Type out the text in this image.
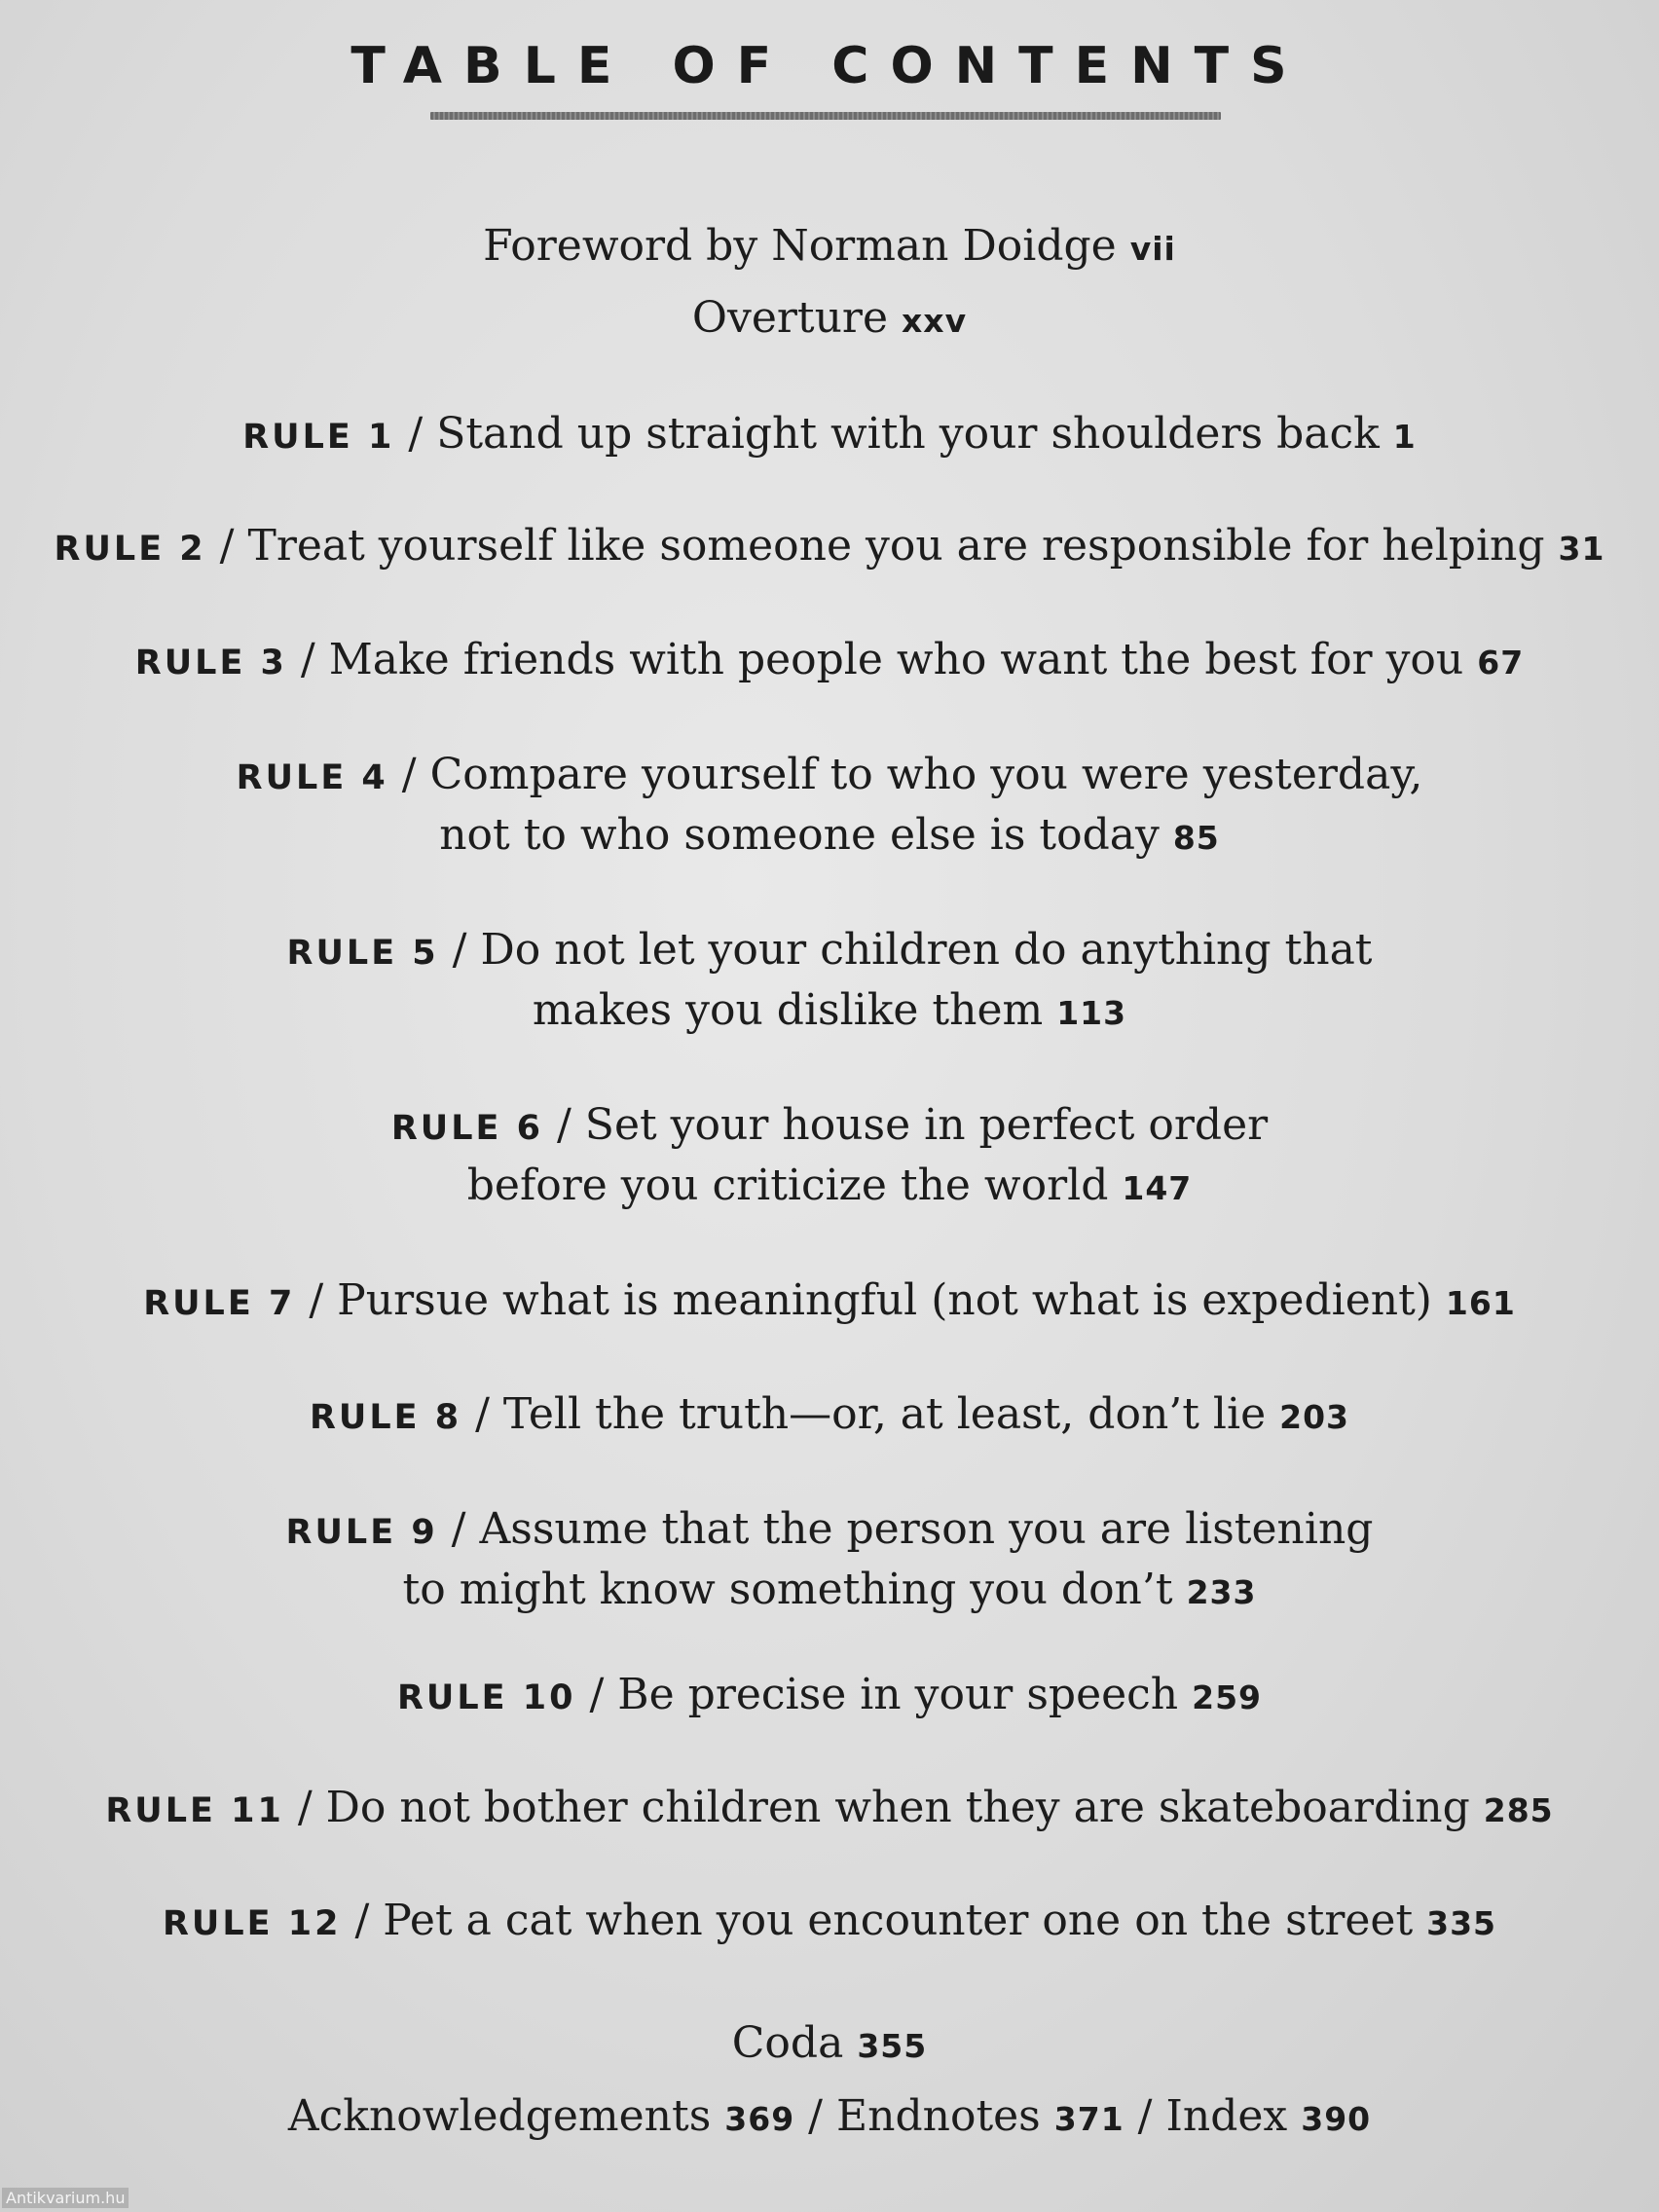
TABLE OF CONTENTS
Foreword by Norman Doidge vii
Overture xxv
RULE 1 / Stand up straight with your shoulders back 1
RULE 2 / Treat yourself like someone you are responsible for helping 31
RULE 3 / Make friends with people who want the best for you 67
RULE 4 / Compare yourself to who you were yesterday,
not to who someone else is today 85
RULE 5 / Do not let your children do anything that
makes you dislike them 113
RULE 6 / Set your house in perfect order
before you criticize the world 147
RULE 7 / Pursue what is meaningful (not what is expedient) 161
RULE 8 / Tell the truth—or, at least, don’t lie 203
RULE 9 / Assume that the person you are listening
to might know something you don’t 233
RULE 10 / Be precise in your speech 259
RULE 11 / Do not bother children when they are skateboarding 285
RULE 12 / Pet a cat when you encounter one on the street 335
Coda 355
Acknowledgements 369 / Endnotes 371 / Index 390
Antikvarium.hu
